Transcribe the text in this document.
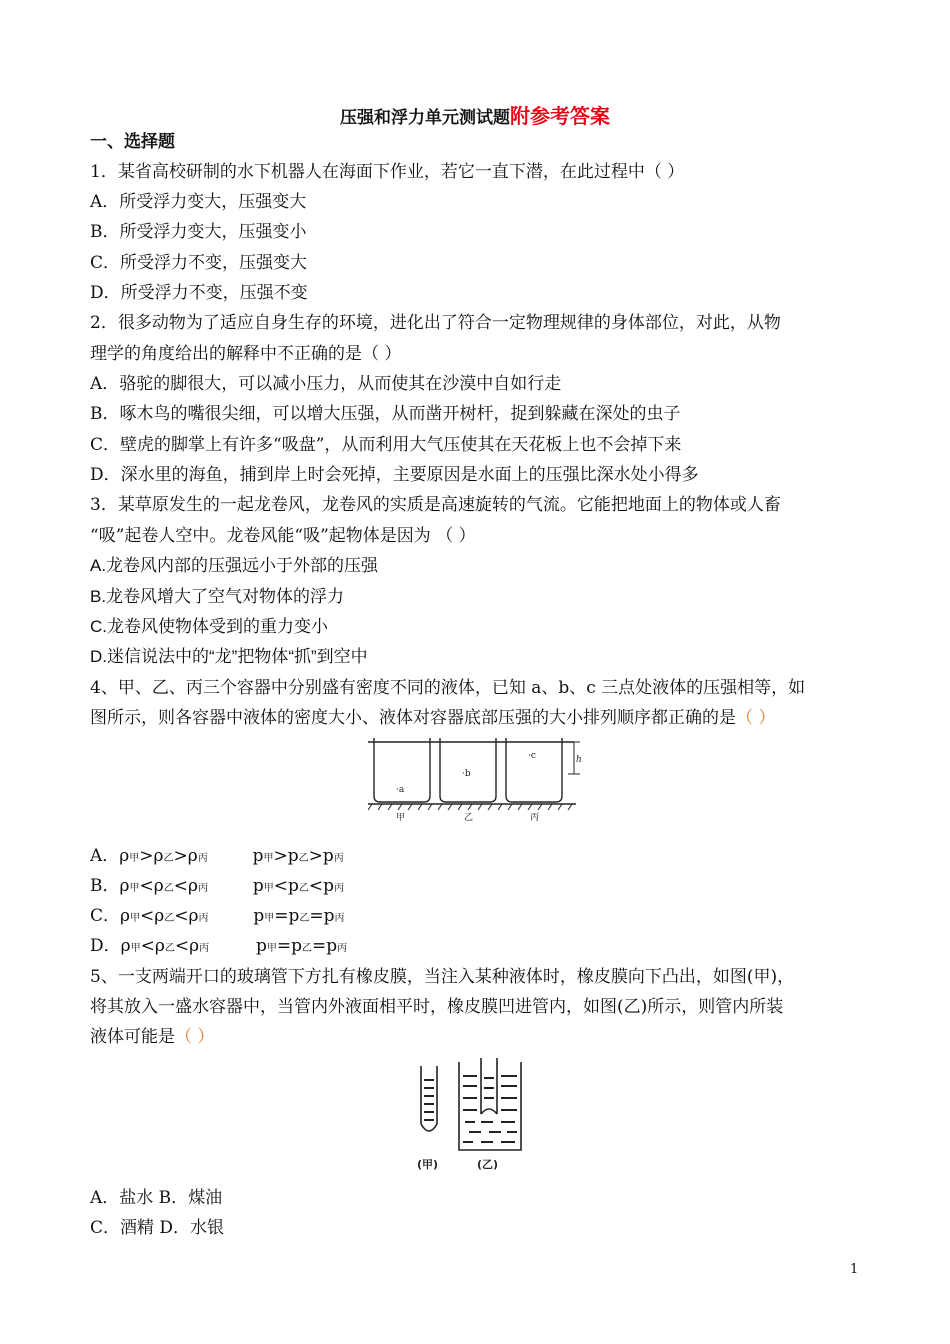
压强和浮力单元测试题附参考答案
一、选择题
1．某省高校研制的水下机器人在海面下作业，若它一直下潜，在此过程中（ ）
A．所受浮力变大，压强变大
B．所受浮力变大，压强变小
C．所受浮力不变，压强变大
D．所受浮力不变，压强不变
2．很多动物为了适应自身生存的环境，进化出了符合一定物理规律的身体部位，对此，从物
理学的角度给出的解释中不正确的是（ ）
A．骆驼的脚很大，可以减小压力，从而使其在沙漠中自如行走
B．啄木鸟的嘴很尖细，可以增大压强，从而凿开树杆，捉到躲藏在深处的虫子
C．壁虎的脚掌上有许多“吸盘”，从而利用大气压使其在天花板上也不会掉下来
D．深水里的海鱼，捕到岸上时会死掉，主要原因是水面上的压强比深水处小得多
3．某草原发生的一起龙卷风，龙卷风的实质是高速旋转的气流。它能把地面上的物体或人畜
“吸”起卷人空中。龙卷风能“吸”起物体是因为 （ ）
A.龙卷风内部的压强远小于外部的压强
B.龙卷风增大了空气对物体的浮力
C.龙卷风使物体受到的重力变小
D.迷信说法中的“龙”把物体“抓”到空中
4、甲、乙、丙三个容器中分别盛有密度不同的液体，已知 a、b、c 三点处液体的压强相等，如
图所示，则各容器中液体的密度大小、液体对容器底部压强的大小排列顺序都正确的是（ ）
·a
·b
·c	h
甲	乙	丙
A．ρ甲>ρ乙>ρ丙	p甲>p乙>p丙
B．ρ甲<ρ乙<ρ丙	p甲<p乙<p丙
C．ρ甲<ρ乙<ρ丙	p甲=p乙=p丙
D．ρ甲<ρ乙<ρ丙	p甲=p乙=p丙
5、一支两端开口的玻璃管下方扎有橡皮膜，当注入某种液体时，橡皮膜向下凸出，如图(甲)，
将其放入一盛水容器中，当管内外液面相平时，橡皮膜凹进管内，如图(乙)所示，则管内所装
液体可能是（ ）
(甲)	(乙)
A．盐水 B．煤油
C．酒精 D．水银
1
